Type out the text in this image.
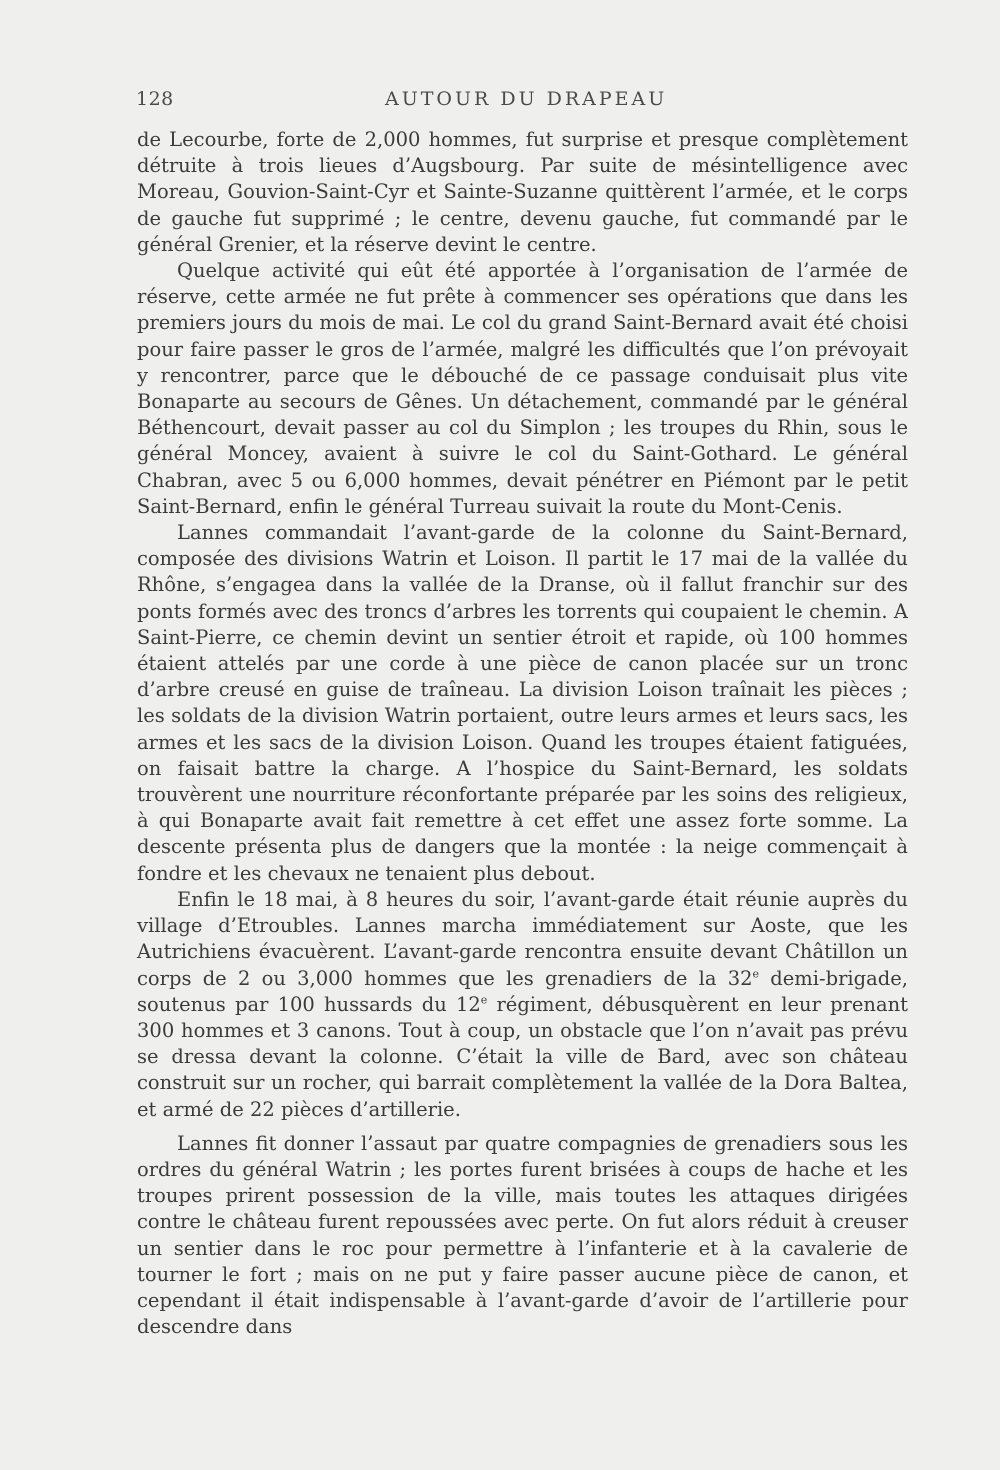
128	AUTOUR DU DRAPEAU

de Lecourbe, forte de 2,000 hommes, fut surprise et presque complètement détruite à trois lieues d’Augsbourg. Par suite de mésintelligence avec Moreau, Gouvion-Saint-Cyr et Sainte-Suzanne quittèrent l’armée, et le corps de gauche fut supprimé ; le centre, devenu gauche, fut commandé par le général Grenier, et la réserve devint le centre.

Quelque activité qui eût été apportée à l’organisation de l’armée de réserve, cette armée ne fut prête à commencer ses opérations que dans les premiers jours du mois de mai. Le col du grand Saint-Bernard avait été choisi pour faire passer le gros de l’armée, malgré les difficultés que l’on prévoyait y rencontrer, parce que le débouché de ce passage conduisait plus vite Bonaparte au secours de Gênes. Un détachement, commandé par le général Béthencourt, devait passer au col du Simplon ; les troupes du Rhin, sous le général Moncey, avaient à suivre le col du Saint-Gothard. Le général Chabran, avec 5 ou 6,000 hommes, devait pénétrer en Piémont par le petit Saint-Bernard, enfin le général Turreau suivait la route du Mont-Cenis.

Lannes commandait l’avant-garde de la colonne du Saint-Bernard, composée des divisions Watrin et Loison. Il partit le 17 mai de la vallée du Rhône, s’engagea dans la vallée de la Dranse, où il fallut franchir sur des ponts formés avec des troncs d’arbres les torrents qui coupaient le chemin. A Saint-Pierre, ce chemin devint un sentier étroit et rapide, où 100 hommes étaient attelés par une corde à une pièce de canon placée sur un tronc d’arbre creusé en guise de traîneau. La division Loison traînait les pièces ; les soldats de la division Watrin portaient, outre leurs armes et leurs sacs, les armes et les sacs de la division Loison. Quand les troupes étaient fatiguées, on faisait battre la charge. A l’hospice du Saint-Bernard, les soldats trouvèrent une nourriture réconfortante préparée par les soins des religieux, à qui Bonaparte avait fait remettre à cet effet une assez forte somme. La descente présenta plus de dangers que la montée : la neige commençait à fondre et les chevaux ne tenaient plus debout.

Enfin le 18 mai, à 8 heures du soir, l’avant-garde était réunie auprès du village d’Etroubles. Lannes marcha immédiatement sur Aoste, que les Autrichiens évacuèrent. L’avant-garde rencontra ensuite devant Châtillon un corps de 2 ou 3,000 hommes que les grenadiers de la 32e demi-brigade, soutenus par 100 hussards du 12e régiment, débusquèrent en leur prenant 300 hommes et 3 canons. Tout à coup, un obstacle que l’on n’avait pas prévu se dressa devant la colonne. C’était la ville de Bard, avec son château construit sur un rocher, qui barrait complètement la vallée de la Dora Baltea, et armé de 22 pièces d’artillerie.

Lannes fit donner l’assaut par quatre compagnies de grenadiers sous les ordres du général Watrin ; les portes furent brisées à coups de hache et les troupes prirent possession de la ville, mais toutes les attaques dirigées contre le château furent repoussées avec perte. On fut alors réduit à creuser un sentier dans le roc pour permettre à l’infanterie et à la cavalerie de tourner le fort ; mais on ne put y faire passer aucune pièce de canon, et cependant il était indispensable à l’avant-garde d’avoir de l’artillerie pour descendre dans
